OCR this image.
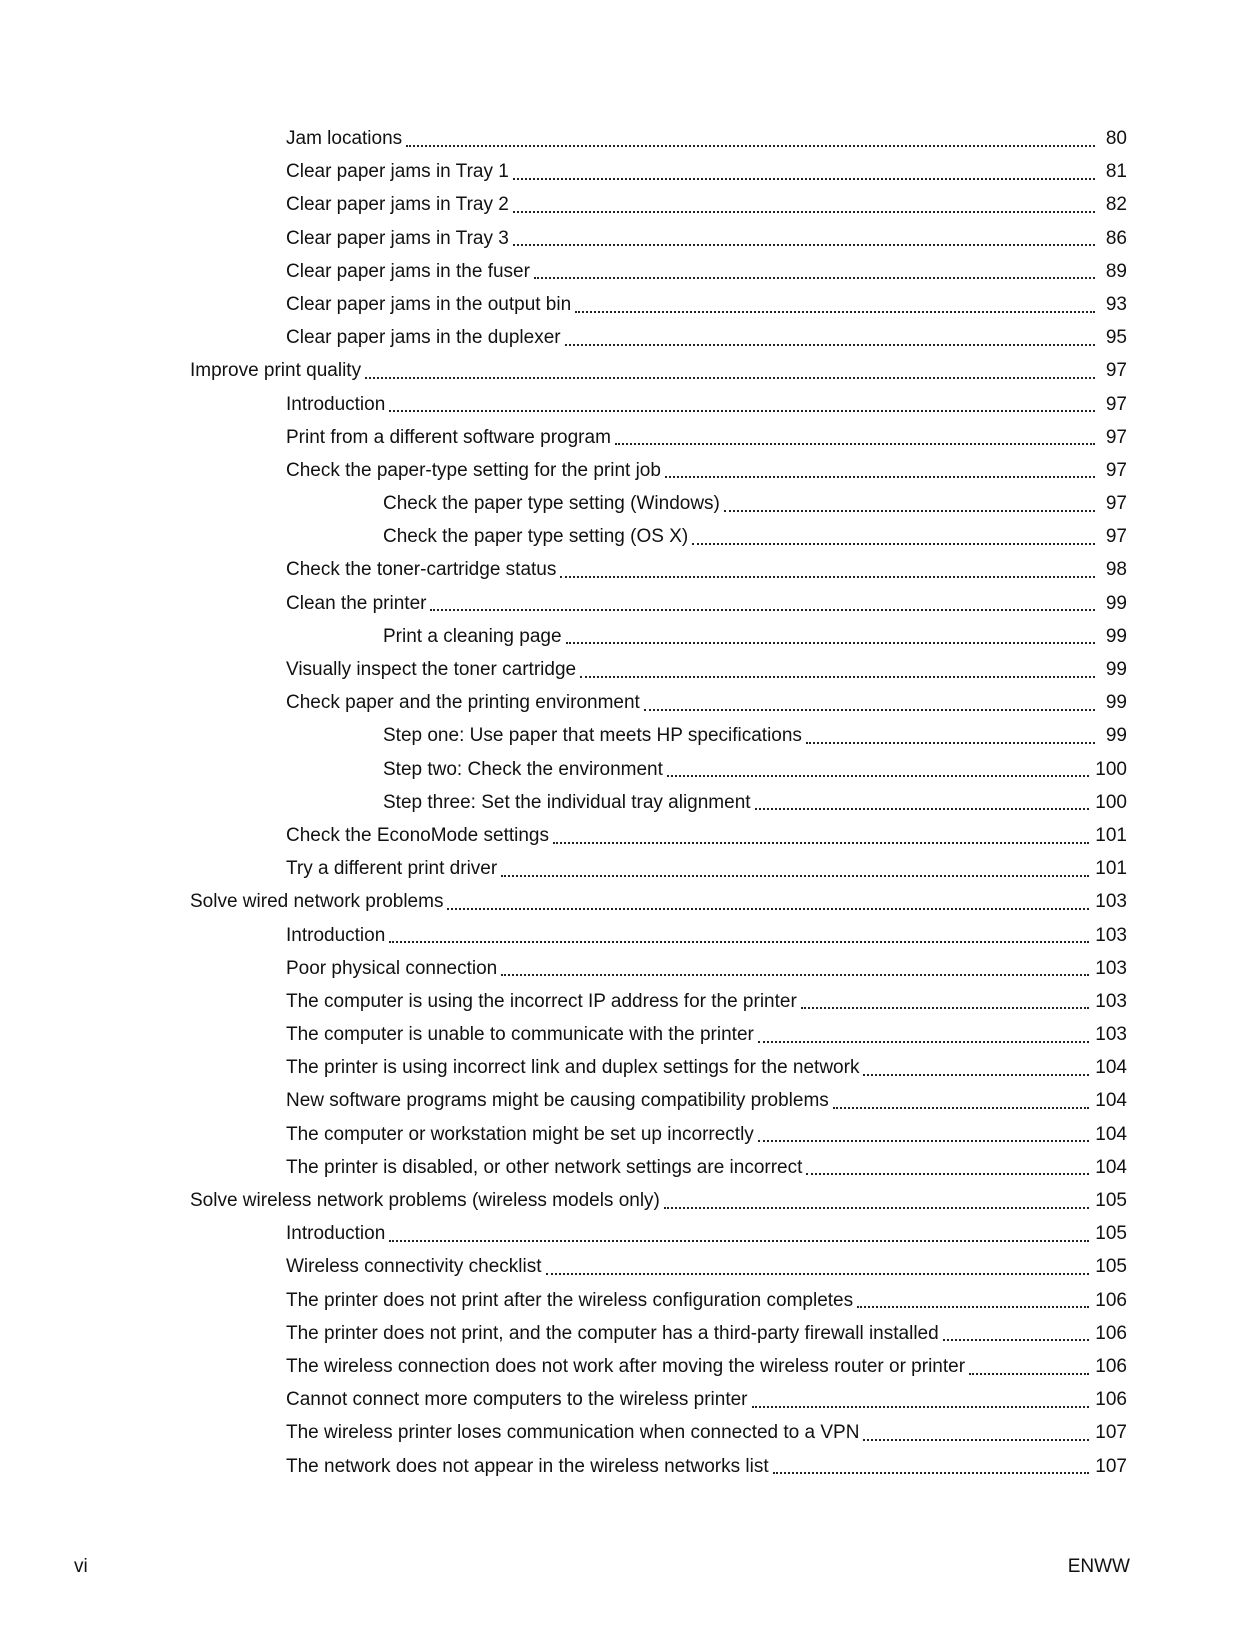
Jam locations	80
Clear paper jams in Tray 1	81
Clear paper jams in Tray 2	82
Clear paper jams in Tray 3	86
Clear paper jams in the fuser	89
Clear paper jams in the output bin	93
Clear paper jams in the duplexer	95
Improve print quality	97
Introduction	97
Print from a different software program	97
Check the paper-type setting for the print job	97
Check the paper type setting (Windows)	97
Check the paper type setting (OS X)	97
Check the toner-cartridge status	98
Clean the printer	99
Print a cleaning page	99
Visually inspect the toner cartridge	99
Check paper and the printing environment	99
Step one: Use paper that meets HP specifications	99
Step two: Check the environment	100
Step three: Set the individual tray alignment	100
Check the EconoMode settings	101
Try a different print driver	101
Solve wired network problems	103
Introduction	103
Poor physical connection	103
The computer is using the incorrect IP address for the printer	103
The computer is unable to communicate with the printer	103
The printer is using incorrect link and duplex settings for the network	104
New software programs might be causing compatibility problems	104
The computer or workstation might be set up incorrectly	104
The printer is disabled, or other network settings are incorrect	104
Solve wireless network problems (wireless models only)	105
Introduction	105
Wireless connectivity checklist	105
The printer does not print after the wireless configuration completes	106
The printer does not print, and the computer has a third-party firewall installed	106
The wireless connection does not work after moving the wireless router or printer	106
Cannot connect more computers to the wireless printer	106
The wireless printer loses communication when connected to a VPN	107
The network does not appear in the wireless networks list	107
vi	ENWW
